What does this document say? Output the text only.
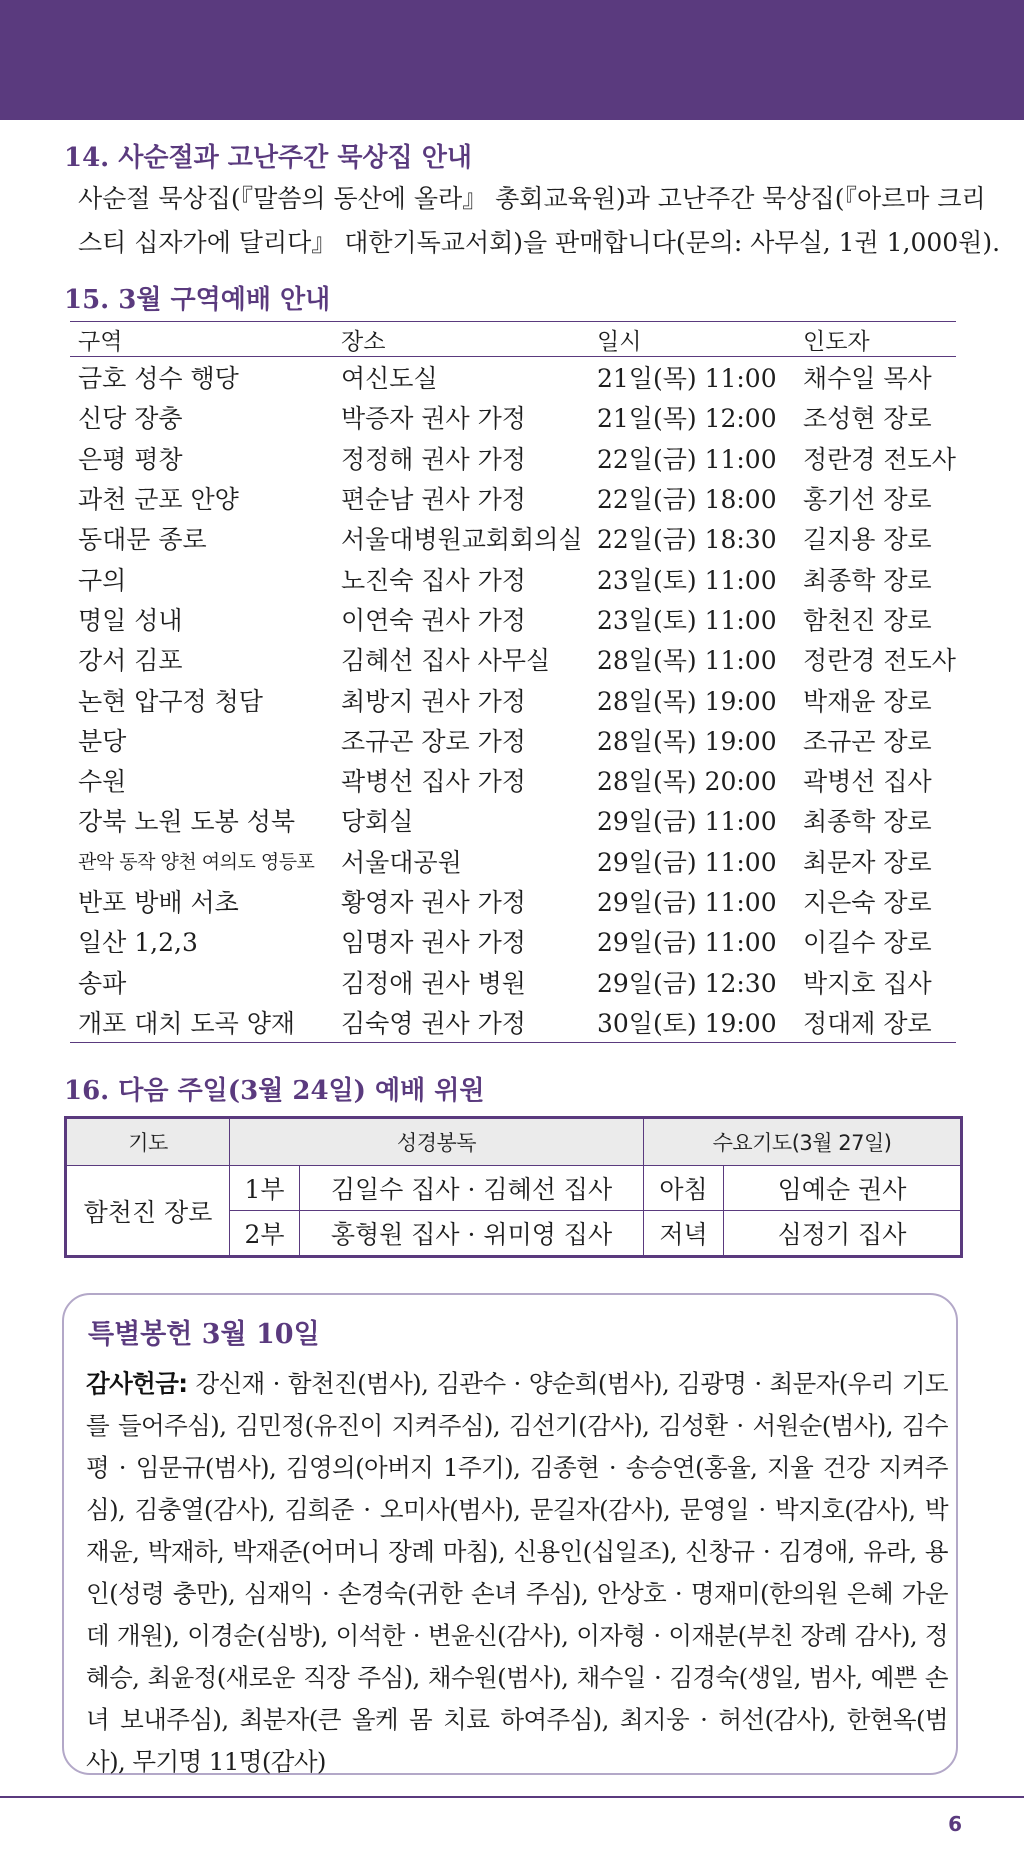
14. 사순절과 고난주간 묵상집 안내
사순절 묵상집(『말씀의 동산에 올라』 총회교육원)과 고난주간 묵상집(『아르마 크리
스티 십자가에 달리다』 대한기독교서회)을 판매합니다(문의: 사무실, 1권 1,000원).
15. 3월 구역예배 안내
구역	장소	일시	인도자
금호 성수 행당	여신도실	21일(목) 11:00	채수일 목사
신당 장충	박증자 권사 가정	21일(목) 12:00	조성현 장로
은평 평창	정정해 권사 가정	22일(금) 11:00	정란경 전도사
과천 군포 안양	편순남 권사 가정	22일(금) 18:00	홍기선 장로
동대문 종로	서울대병원교회회의실	22일(금) 18:30	길지용 장로
구의	노진숙 집사 가정	23일(토) 11:00	최종학 장로
명일 성내	이연숙 권사 가정	23일(토) 11:00	함천진 장로
강서 김포	김혜선 집사 사무실	28일(목) 11:00	정란경 전도사
논현 압구정 청담	최방지 권사 가정	28일(목) 19:00	박재윤 장로
분당	조규곤 장로 가정	28일(목) 19:00	조규곤 장로
수원	곽병선 집사 가정	28일(목) 20:00	곽병선 집사
강북 노원 도봉 성북	당회실	29일(금) 11:00	최종학 장로
관악 동작 양천 여의도 영등포	서울대공원	29일(금) 11:00	최문자 장로
반포 방배 서초	황영자 권사 가정	29일(금) 11:00	지은숙 장로
일산 1,2,3	임명자 권사 가정	29일(금) 11:00	이길수 장로
송파	김정애 권사 병원	29일(금) 12:30	박지호 집사
개포 대치 도곡 양재	김숙영 권사 가정	30일(토) 19:00	정대제 장로
16. 다음 주일(3월 24일) 예배 위원
기도	성경봉독		수요기도(3월 27일)	
함천진 장로	1부	김일수 집사 · 김혜선 집사	아침	임예순 권사
	2부	홍형원 집사 · 위미영 집사	저녁	심정기 집사
특별봉헌 3월 10일
감사헌금: 강신재 · 함천진(범사), 김관수 · 양순희(범사), 김광명 · 최문자(우리 기도를 들어주심), 김민정(유진이 지켜주심), 김선기(감사), 김성환 · 서원순(범사), 김수평 · 임문규(범사), 김영의(아버지 1주기), 김종현 · 송승연(홍율, 지율 건강 지켜주심), 김충열(감사), 김희준 · 오미사(범사), 문길자(감사), 문영일 · 박지호(감사), 박재윤, 박재하, 박재준(어머니 장례 마침), 신용인(십일조), 신창규 · 김경애, 유라, 용인(성령 충만), 심재익 · 손경숙(귀한 손녀 주심), 안상호 · 명재미(한의원 은혜 가운데 개원), 이경순(심방), 이석한 · 변윤신(감사), 이자형 · 이재분(부친 장례 감사), 정혜승, 최윤정(새로운 직장 주심), 채수원(범사), 채수일 · 김경숙(생일, 범사, 예쁜 손녀 보내주심), 최분자(큰 올케 몸 치료 하여주심), 최지웅 · 허선(감사), 한현옥(범사), 무기명 11명(감사)

6
